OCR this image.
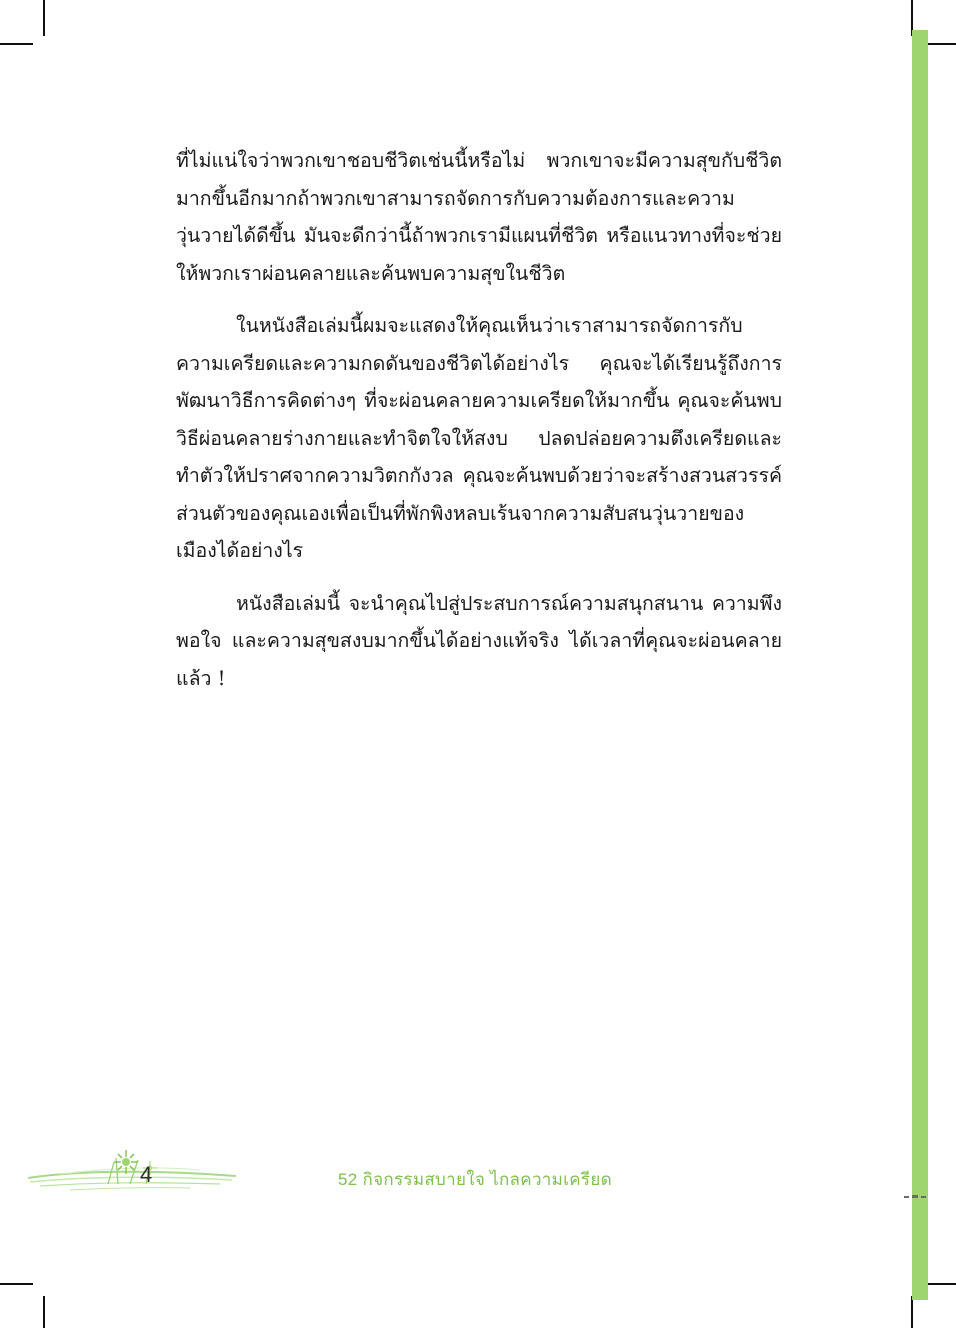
ที่ไม่แน่ใจว่าพวกเขาชอบชีวิตเช่นนี้หรือไม่ พวกเขาจะมีความสุขกับชีวิตมากขึ้นอีกมากถ้าพวกเขาสามารถจัดการกับความต้องการและความวุ่นวายได้ดีขึ้น มันจะดีกว่านี้ถ้าพวกเรามีแผนที่ชีวิต หรือแนวทางที่จะช่วยให้พวกเราผ่อนคลายและค้นพบความสุขในชีวิต

ในหนังสือเล่มนี้ผมจะแสดงให้คุณเห็นว่าเราสามารถจัดการกับความเครียดและความกดดันของชีวิตได้อย่างไร คุณจะได้เรียนรู้ถึงการพัฒนาวิธีการคิดต่างๆ ที่จะผ่อนคลายความเครียดให้มากขึ้น คุณจะค้นพบวิธีผ่อนคลายร่างกายและทำจิตใจให้สงบ ปลดปล่อยความตึงเครียดและทำตัวให้ปราศจากความวิตกกังวล คุณจะค้นพบด้วยว่าจะสร้างสวนสวรรค์ส่วนตัวของคุณเองเพื่อเป็นที่พักพิงหลบเร้นจากความสับสนวุ่นวายของเมืองได้อย่างไร

หนังสือเล่มนี้ จะนำคุณไปสู่ประสบการณ์ความสนุกสนาน ความพึงพอใจ และความสุขสงบมากขึ้นได้อย่างแท้จริง ได้เวลาที่คุณจะผ่อนคลายแล้ว !

4	52 กิจกรรมสบายใจ ไกลความเครียด
